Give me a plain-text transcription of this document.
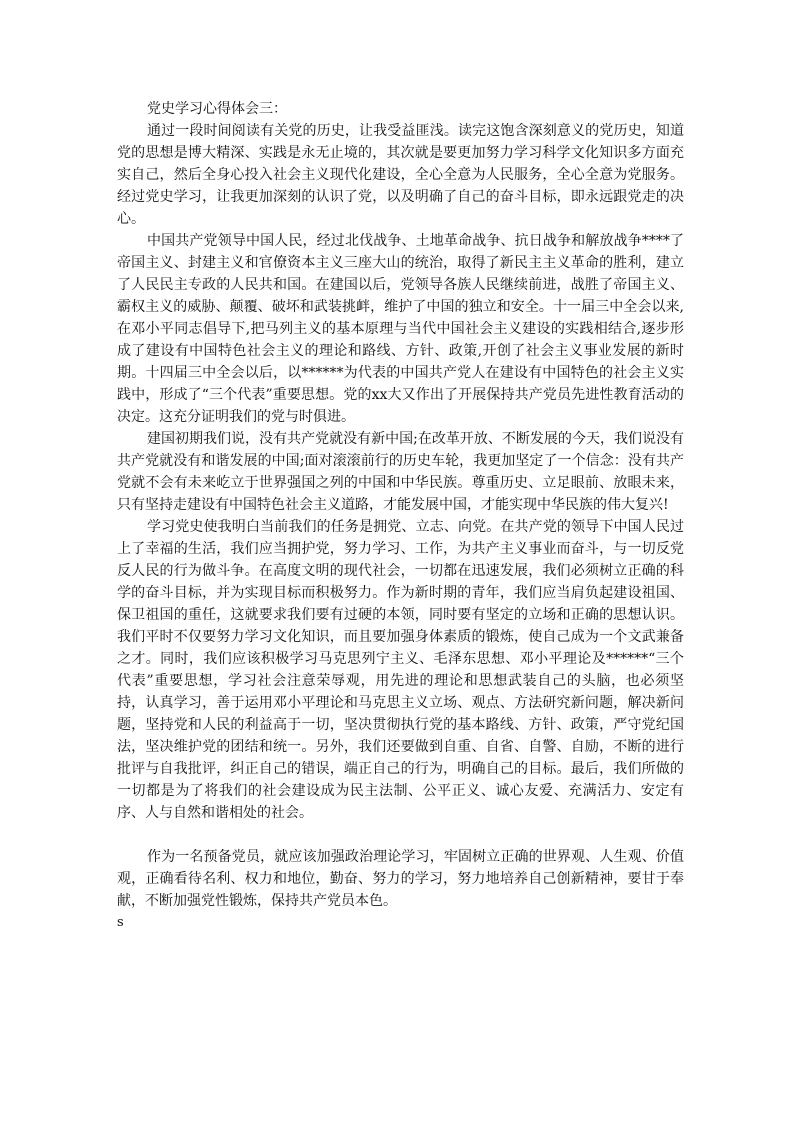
党史学习心得体会三：

通过一段时间阅读有关党的历史，让我受益匪浅。读完这饱含深刻意义的党历史，知道党的思想是博大精深、实践是永无止境的，其次就是要更加努力学习科学文化知识多方面充实自己，然后全身心投入社会主义现代化建设，全心全意为人民服务，全心全意为党服务。经过党史学习，让我更加深刻的认识了党，以及明确了自己的奋斗目标，即永远跟党走的决心。

中国共产党领导中国人民，经过北伐战争、土地革命战争、抗日战争和解放战争****了帝国主义、封建主义和官僚资本主义三座大山的统治，取得了新民主主义革命的胜利，建立了人民民主专政的人民共和国。在建国以后，党领导各族人民继续前进，战胜了帝国主义、霸权主义的威胁、颠覆、破坏和武装挑衅，维护了中国的独立和安全。十一届三中全会以来,在邓小平同志倡导下,把马列主义的基本原理与当代中国社会主义建设的实践相结合,逐步形成了建设有中国特色社会主义的理论和路线、方针、政策,开创了社会主义事业发展的新时期。十四届三中全会以后，以******为代表的中国共产党人在建设有中国特色的社会主义实践中，形成了“三个代表”重要思想。党的xx大又作出了开展保持共产党员先进性教育活动的决定。这充分证明我们的党与时俱进。

建国初期我们说，没有共产党就没有新中国;在改革开放、不断发展的今天，我们说没有共产党就没有和谐发展的中国;面对滚滚前行的历史车轮，我更加坚定了一个信念：没有共产党就不会有未来屹立于世界强国之列的中国和中华民族。尊重历史、立足眼前、放眼未来，只有坚持走建设有中国特色社会主义道路，才能发展中国，才能实现中华民族的伟大复兴!

学习党史使我明白当前我们的任务是拥党、立志、向党。在共产党的领导下中国人民过上了幸福的生活，我们应当拥护党，努力学习、工作，为共产主义事业而奋斗，与一切反党反人民的行为做斗争。在高度文明的现代社会，一切都在迅速发展，我们必须树立正确的科学的奋斗目标，并为实现目标而积极努力。作为新时期的青年，我们应当肩负起建设祖国、保卫祖国的重任，这就要求我们要有过硬的本领，同时要有坚定的立场和正确的思想认识。我们平时不仅要努力学习文化知识，而且要加强身体素质的锻炼，使自己成为一个文武兼备之才。同时，我们应该积极学习马克思列宁主义、毛泽东思想、邓小平理论及******“三个代表”重要思想，学习社会注意荣辱观，用先进的理论和思想武装自己的头脑，也必须坚持，认真学习，善于运用邓小平理论和马克思主义立场、观点、方法研究新问题，解决新问题，坚持党和人民的利益高于一切，坚决贯彻执行党的基本路线、方针、政策，严守党纪国法，坚决维护党的团结和统一。另外，我们还要做到自重、自省、自警、自励，不断的进行批评与自我批评，纠正自己的错误，端正自己的行为，明确自己的目标。最后，我们所做的一切都是为了将我们的社会建设成为民主法制、公平正义、诚心友爱、充满活力、安定有序、人与自然和谐相处的社会。

作为一名预备党员，就应该加强政治理论学习，牢固树立正确的世界观、人生观、价值观，正确看待名利、权力和地位，勤奋、努力的学习，努力地培养自己创新精神，要甘于奉献，不断加强党性锻炼，保持共产党员本色。

s
